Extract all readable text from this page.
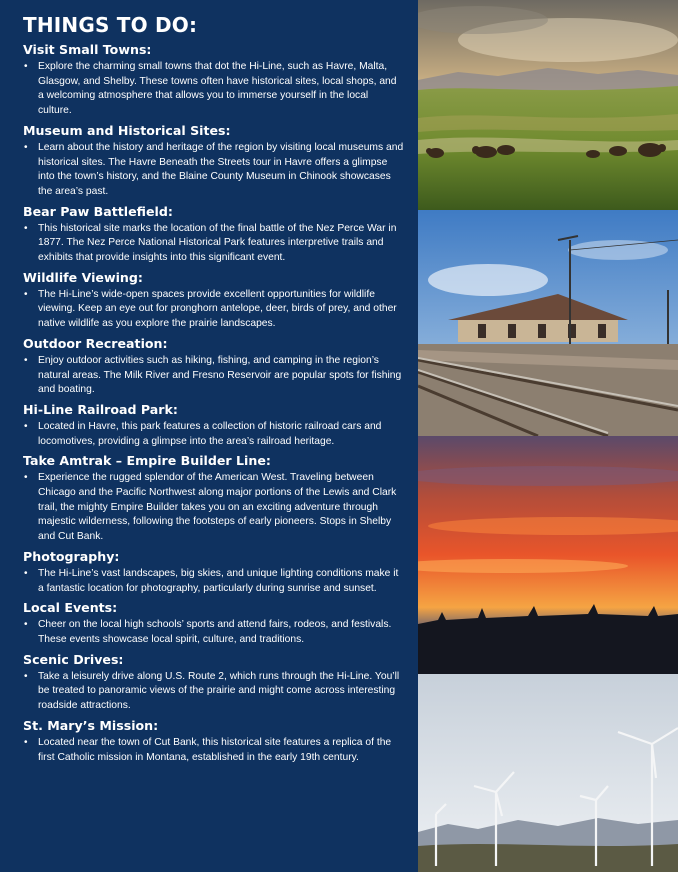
THINGS TO DO:
Visit Small Towns:
• Explore the charming small towns that dot the Hi-Line, such as Havre, Malta, Glasgow, and Shelby. These towns often have historical sites, local shops, and a welcoming atmosphere that allows you to immerse yourself in the local culture.
Museum and Historical Sites:
• Learn about the history and heritage of the region by visiting local museums and historical sites. The Havre Beneath the Streets tour in Havre offers a glimpse into the town’s history, and the Blaine County Museum in Chinook showcases the area’s past.
Bear Paw Battlefield:
• This historical site marks the location of the final battle of the Nez Perce War in 1877. The Nez Perce National Historical Park features interpretive trails and exhibits that provide insights into this significant event.
Wildlife Viewing:
• The Hi-Line’s wide-open spaces provide excellent opportunities for wildlife viewing. Keep an eye out for pronghorn antelope, deer, birds of prey, and other native wildlife as you explore the prairie landscapes.
Outdoor Recreation:
• Enjoy outdoor activities such as hiking, fishing, and camping in the region’s natural areas. The Milk River and Fresno Reservoir are popular spots for fishing and boating.
Hi-Line Railroad Park:
• Located in Havre, this park features a collection of historic railroad cars and locomotives, providing a glimpse into the area’s railroad heritage.
Take Amtrak – Empire Builder Line:
• Experience the rugged splendor of the American West. Traveling between Chicago and the Pacific Northwest along major portions of the Lewis and Clark trail, the mighty Empire Builder takes you on an exciting adventure through majestic wilderness, following the footsteps of early pioneers. Stops in Shelby and Cut Bank.
Photography:
• The Hi-Line’s vast landscapes, big skies, and unique lighting conditions make it a fantastic location for photography, particularly during sunrise and sunset.
Local Events:
• Cheer on the local high schools’ sports and attend fairs, rodeos, and festivals. These events showcase local spirit, culture, and traditions.
Scenic Drives:
• Take a leisurely drive along U.S. Route 2, which runs through the Hi-Line. You’ll be treated to panoramic views of the prairie and might come across interesting roadside attractions.
St. Mary’s Mission:
• Located near the town of Cut Bank, this historical site features a replica of the first Catholic mission in Montana, established in the early 19th century.
